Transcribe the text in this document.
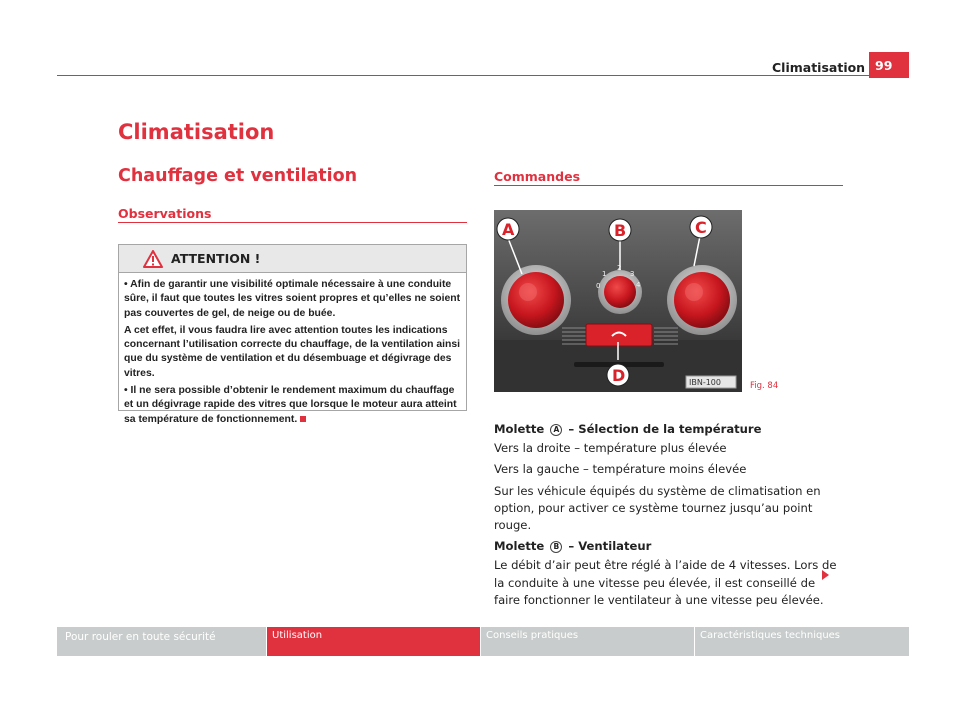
Climatisation 99
Climatisation
Chauffage et ventilation
Observations
Commandes
ATTENTION !

• Afin de garantir une visibilité optimale nécessaire à une conduite sûre, il faut que toutes les vitres soient propres et qu’elles ne soient pas couvertes de gel, de neige ou de buée.

A cet effet, il vous faudra lire avec attention toutes les indications concernant l’utilisation correcte du chauffage, de la ventilation ainsi que du système de ventilation et du désembuage et dégivrage des vitres.

• Il ne sera possible d’obtenir le rendement maximum du chauffage et un dégivrage rapide des vitres que lorsque le moteur aura atteint sa température de fonctionnement.

0
1
2
3
4
A	B	C
D	IBN-100	Fig. 84

Molette A – Sélection de la température

Vers la droite – température plus élevée

Vers la gauche – température moins élevée

Sur les véhicule équipés du système de climatisation en option, pour activer ce système tournez jusqu’au point rouge.

Molette B – Ventilateur

Le débit d’air peut être réglé à l’aide de 4 vitesses. Lors de la conduite à une vitesse peu élevée, il est conseillé de faire fonctionner le ventilateur à une vitesse peu élevée.

Pour rouler en toute sécurité	Utilisation	Conseils pratiques	Caractéristiques techniques
